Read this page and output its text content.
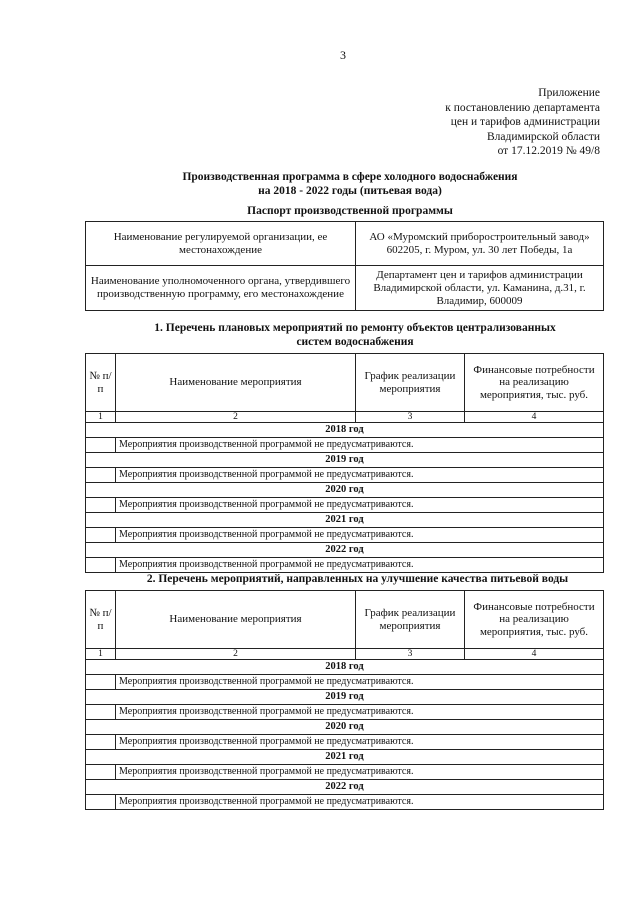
3
Приложение
к постановлению департамента
цен и тарифов администрации
Владимирской области
от 17.12.2019 № 49/8
Производственная программа в сфере холодного водоснабжения
на 2018 - 2022 годы (питьевая вода)
Паспорт производственной программы
Наименование регулируемой организации, ее местонахождение	АО «Муромский приборостроительный завод»
602205, г. Муром, ул. 30 лет Победы, 1а

Наименование уполномоченного органа, утвердившего производственную программу, его местонахождение	Департамент цен и тарифов администрации Владимирской области, ул. Каманина, д.31, г. Владимир, 600009
1. Перечень плановых мероприятий по ремонту объектов централизованных
систем водоснабжения
№ п/п	Наименование мероприятия	График реализации мероприятия	Финансовые потребности на реализацию мероприятия, тыс. руб.
1	2	3	4
2018 год			
	Мероприятия производственной программой не предусматриваются.		
2019 год			
	Мероприятия производственной программой не предусматриваются.		
2020 год			
	Мероприятия производственной программой не предусматриваются.		
2021 год			
	Мероприятия производственной программой не предусматриваются.		
2022 год			
	Мероприятия производственной программой не предусматриваются.		
2. Перечень мероприятий, направленных на улучшение качества питьевой воды
№ п/п	Наименование мероприятия	График реализации мероприятия	Финансовые потребности на реализацию мероприятия, тыс. руб.
1	2	3	4
2018 год			
	Мероприятия производственной программой не предусматриваются.		
2019 год			
	Мероприятия производственной программой не предусматриваются.		
2020 год			
	Мероприятия производственной программой не предусматриваются.		
2021 год			
	Мероприятия производственной программой не предусматриваются.		
2022 год			
	Мероприятия производственной программой не предусматриваются.		
